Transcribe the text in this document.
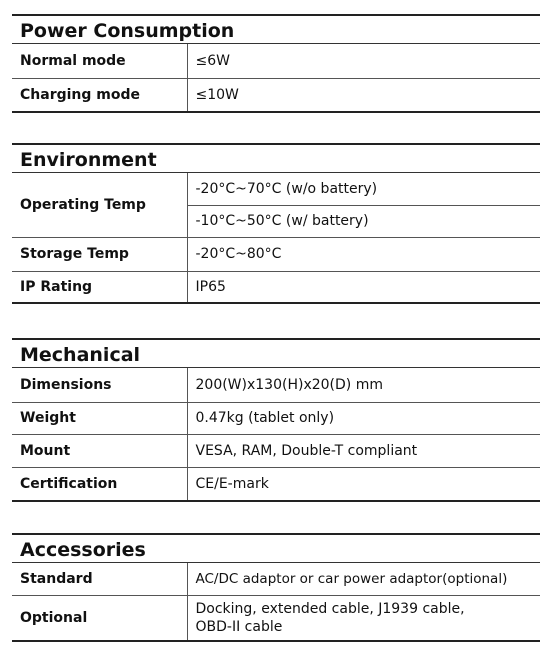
Power Consumption
Normal mode	≤6W
Charging mode	≤10W
Environment
Operating Temp	-20°C~70°C (w/o battery)
	-10°C~50°C (w/ battery)
Storage Temp	-20°C~80°C
IP Rating	IP65
Mechanical
Dimensions	200(W)x130(H)x20(D) mm
Weight	0.47kg (tablet only)
Mount	VESA, RAM, Double-T compliant
Certification	CE/E-mark
Accessories
Standard	AC/DC adaptor or car power adaptor(optional)
Optional	Docking, extended cable, J1939 cable,
OBD-II cable
